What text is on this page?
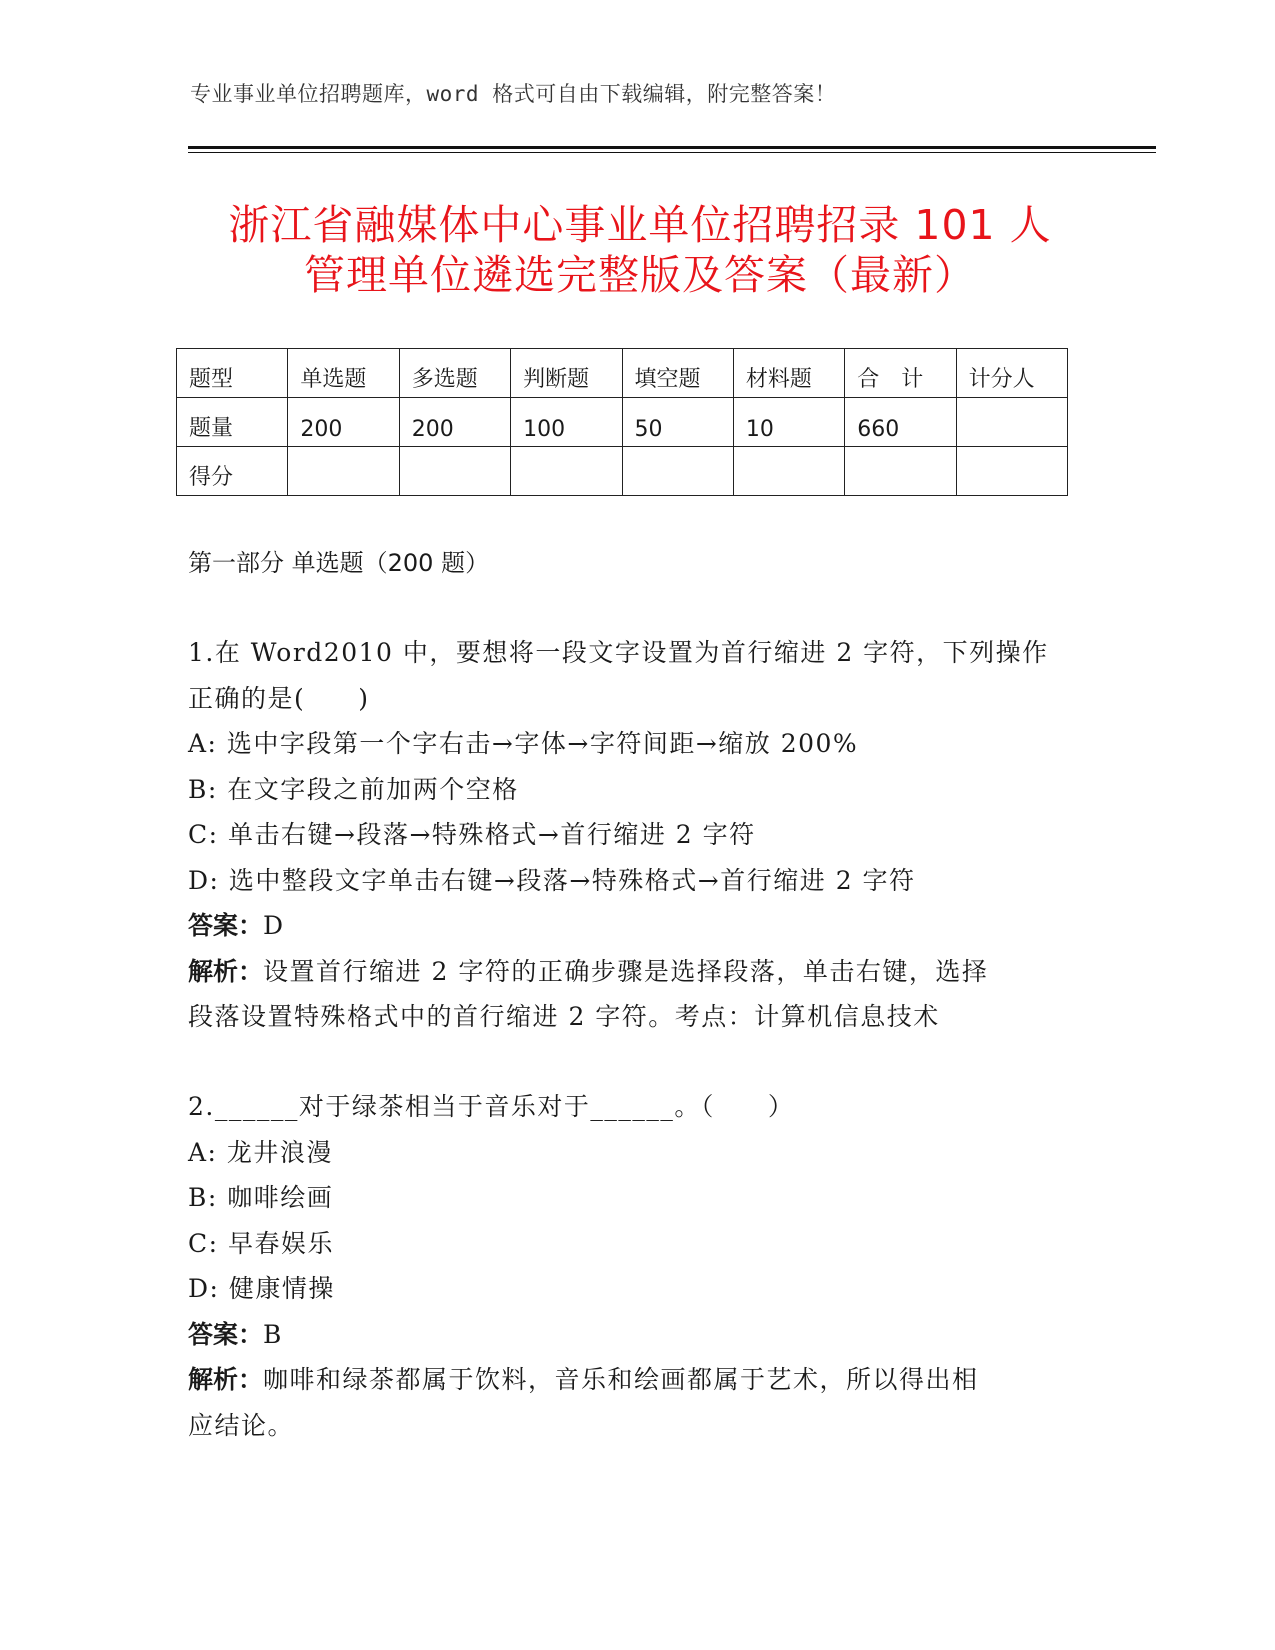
专业事业单位招聘题库，word 格式可自由下载编辑，附完整答案！
浙江省融媒体中心事业单位招聘招录 101 人
管理单位遴选完整版及答案（最新）
题型	单选题	多选题	判断题	填空题	材料题	合　计	计分人
题量	200	200	100	50	10	660	
得分							
第一部分 单选题（200 题）

1.在 Word2010 中，要想将一段文字设置为首行缩进 2 字符，下列操作

正确的是(　　)

A: 选中字段第一个字右击→字体→字符间距→缩放 200%

B: 在文字段之前加两个空格

C: 单击右键→段落→特殊格式→首行缩进 2 字符

D: 选中整段文字单击右键→段落→特殊格式→首行缩进 2 字符

答案：D

解析：设置首行缩进 2 字符的正确步骤是选择段落，单击右键，选择

段落设置特殊格式中的首行缩进 2 字符。考点：计算机信息技术

2.______对于绿茶相当于音乐对于______。（　　）

A: 龙井浪漫

B: 咖啡绘画

C: 早春娱乐

D: 健康情操

答案：B

解析：咖啡和绿茶都属于饮料，音乐和绘画都属于艺术，所以得出相

应结论。
